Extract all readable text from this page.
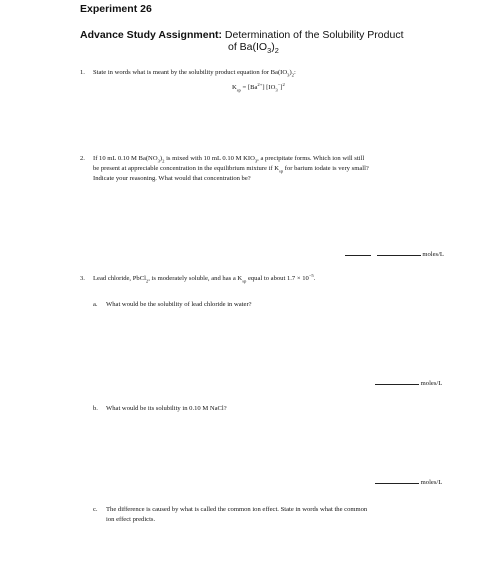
Experiment 26
Advance Study Assignment: Determination of the Solubility Product
of $Ba(IO_3)_2$
1. State in words what is meant by the solubility product equation for $Ba(IO_3)_2$:
$K_{sp} = [Ba^{2+}]$ $[IO_3^-]^2$
2. If 10 mL 0.10 M $Ba(NO_3)_2$ is mixed with 10 mL 0.10 M $KIO_3$, a precipitate forms. Which ion will still
be present at appreciable concentration in the equilibrium mixture if $K_{sp}$ for barium iodate is very small?
Indicate your reasoning. What would that concentration be?
moles/L
3. Lead chloride, PbCl$_2$, is moderately soluble, and has a $K_{sp}$ equal to about $1.7 \times 10^{-5}$.
a. What would be the solubility of lead chloride in water?
moles/L
b. What would be its solubility in 0.10 M NaCl?
moles/L
c. The difference is caused by what is called the common ion effect. State in words what the common
ion effect predicts.
